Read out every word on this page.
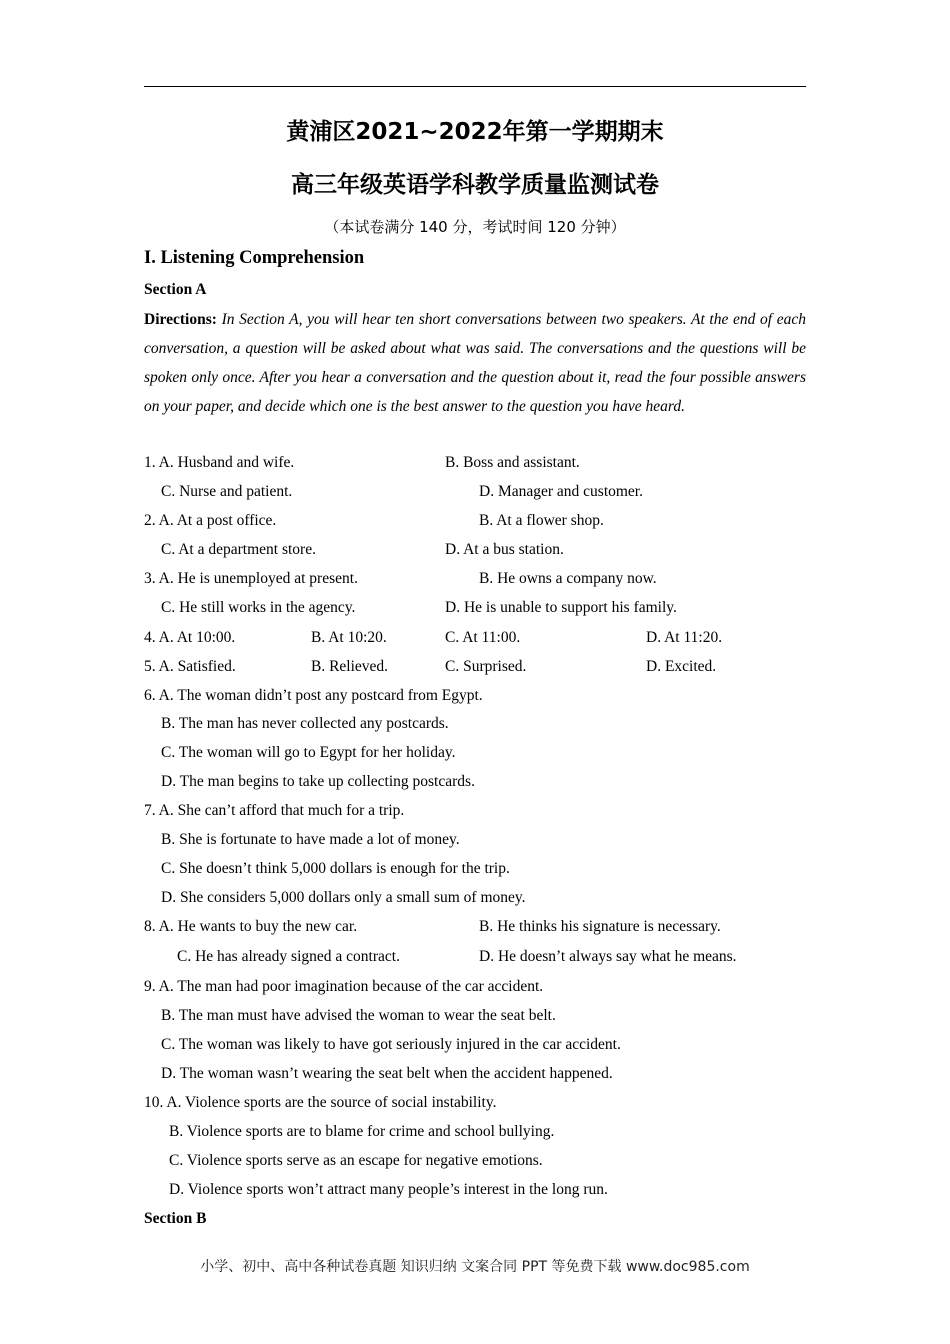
黄浦区2021~2022年第一学期期末
高三年级英语学科教学质量监测试卷
（本试卷满分 140 分，考试时间 120 分钟）
I. Listening Comprehension
Section A
Directions: In Section A, you will hear ten short conversations between two speakers. At the end of each conversation, a question will be asked about what was said. The conversations and the questions will be spoken only once. After you hear a conversation and the question about it, read the four possible answers on your paper, and decide which one is the best answer to the question you have heard.
1. A. Husband and wife.	B. Boss and assistant.
C. Nurse and patient.	D. Manager and customer.
2. A. At a post office.	B. At a flower shop.
C. At a department store.	D. At a bus station.
3. A. He is unemployed at present.	B. He owns a company now.
C. He still works in the agency.	D. He is unable to support his family.
4. A. At 10:00.	B. At 10:20.	C. At 11:00.	D. At 11:20.
5. A. Satisfied.	B. Relieved.	C. Surprised.	D. Excited.
6. A. The woman didn’t post any postcard from Egypt.
B. The man has never collected any postcards.
C. The woman will go to Egypt for her holiday.
D. The man begins to take up collecting postcards.
7. A. She can’t afford that much for a trip.
B. She is fortunate to have made a lot of money.
C. She doesn’t think 5,000 dollars is enough for the trip.
D. She considers 5,000 dollars only a small sum of money.
8. A. He wants to buy the new car.	B. He thinks his signature is necessary.
C. He has already signed a contract.	D. He doesn’t always say what he means.
9. A. The man had poor imagination because of the car accident.
B. The man must have advised the woman to wear the seat belt.
C. The woman was likely to have got seriously injured in the car accident.
D. The woman wasn’t wearing the seat belt when the accident happened.
10. A. Violence sports are the source of social instability.
B. Violence sports are to blame for crime and school bullying.
C. Violence sports serve as an escape for negative emotions.
D. Violence sports won’t attract many people’s interest in the long run.
Section B
小学、初中、高中各种试卷真题 知识归纳 文案合同 PPT 等免费下载 www.doc985.com
